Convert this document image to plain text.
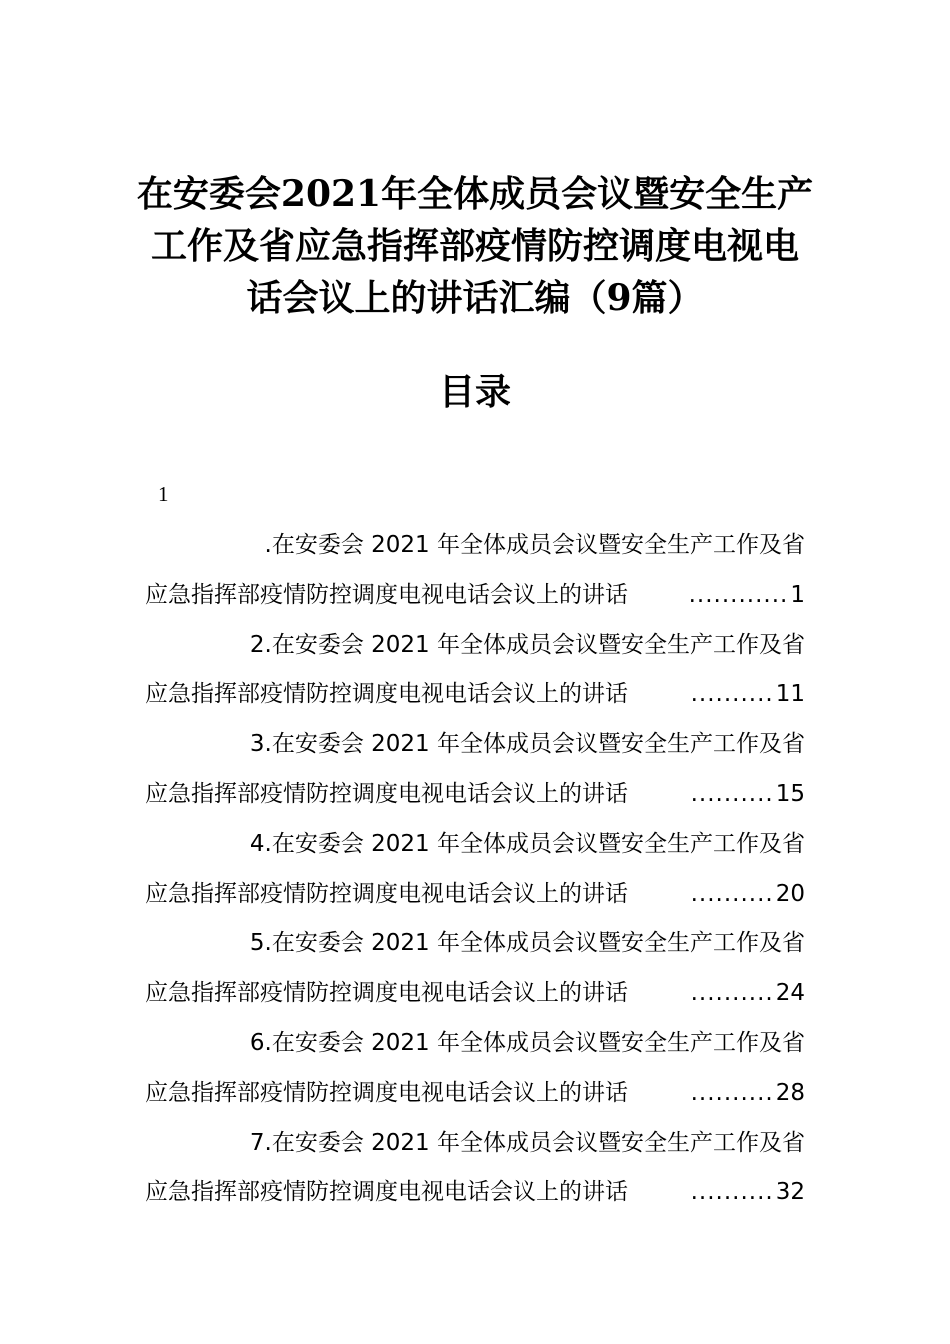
在安委会2021年全体成员会议暨安全生产
工作及省应急指挥部疫情防控调度电视电
话会议上的讲话汇编（9篇）
目录
1
.在安委会 2021 年全体成员会议暨安全生产工作及省
应急指挥部疫情防控调度电视电话会议上的讲话	............ 1
2.在安委会 2021 年全体成员会议暨安全生产工作及省
应急指挥部疫情防控调度电视电话会议上的讲话	.......... 11
3.在安委会 2021 年全体成员会议暨安全生产工作及省
应急指挥部疫情防控调度电视电话会议上的讲话	.......... 15
4.在安委会 2021 年全体成员会议暨安全生产工作及省
应急指挥部疫情防控调度电视电话会议上的讲话	.......... 20
5.在安委会 2021 年全体成员会议暨安全生产工作及省
应急指挥部疫情防控调度电视电话会议上的讲话	.......... 24
6.在安委会 2021 年全体成员会议暨安全生产工作及省
应急指挥部疫情防控调度电视电话会议上的讲话	.......... 28
7.在安委会 2021 年全体成员会议暨安全生产工作及省
应急指挥部疫情防控调度电视电话会议上的讲话	.......... 32
